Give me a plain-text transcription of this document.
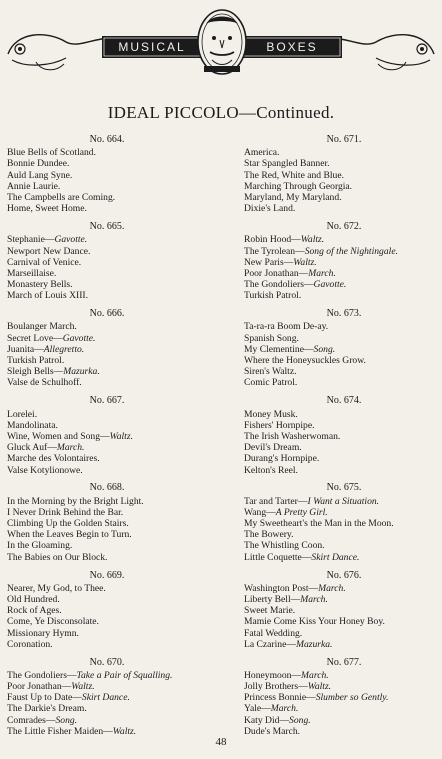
MUSICAL	BOXES
IDEAL PICCOLO—Continued.
No. 664.
Blue Bells of Scotland.
Bonnie Dundee.
Auld Lang Syne.
Annie Laurie.
The Campbells are Coming.
Home, Sweet Home.
No. 665.
Stephanie—Gavotte.
Newport New Dance.
Carnival of Venice.
Marseillaise.
Monastery Bells.
March of Louis XIII.
No. 666.
Boulanger March.
Secret Love—Gavotte.
Juanita—Allegretto.
Turkish Patrol.
Sleigh Bells—Mazurka.
Valse de Schulhoff.
No. 667.
Lorelei.
Mandolinata.
Wine, Women and Song—Waltz.
Gluck Auf—March.
Marche des Volontaires.
Valse Kotylionowe.
No. 668.
In the Morning by the Bright Light.
I Never Drink Behind the Bar.
Climbing Up the Golden Stairs.
When the Leaves Begin to Turn.
In the Gloaming.
The Babies on Our Block.
No. 669.
Nearer, My God, to Thee.
Old Hundred.
Rock of Ages.
Come, Ye Disconsolate.
Missionary Hymn.
Coronation.
No. 670.
The Gondoliers—Take a Pair of Squalling.
Poor Jonathan—Waltz.
Faust Up to Date—Skirt Dance.
The Darkie's Dream.
Comrades—Song.
The Little Fisher Maiden—Waltz.
No. 671.
America.
Star Spangled Banner.
The Red, White and Blue.
Marching Through Georgia.
Maryland, My Maryland.
Dixie's Land.
No. 672.
Robin Hood—Waltz.
The Tyrolean—Song of the Nightingale.
New Paris—Waltz.
Poor Jonathan—March.
The Gondoliers—Gavotte.
Turkish Patrol.
No. 673.
Ta-ra-ra Boom De-ay.
Spanish Song.
My Clementine—Song.
Where the Honeysuckles Grow.
Siren's Waltz.
Comic Patrol.
No. 674.
Money Musk.
Fishers' Hornpipe.
The Irish Washerwoman.
Devil's Dream.
Durang's Hornpipe.
Kelton's Reel.
No. 675.
Tar and Tarter—I Want a Situation.
Wang—A Pretty Girl.
My Sweetheart's the Man in the Moon.
The Bowery.
The Whistling Coon.
Little Coquette—Skirt Dance.
No. 676.
Washington Post—March.
Liberty Bell—March.
Sweet Marie.
Mamie Come Kiss Your Honey Boy.
Fatal Wedding.
La Czarine—Mazurka.
No. 677.
Honeymoon—March.
Jolly Brothers—Waltz.
Princess Bonnie—Slumber so Gently.
Yale—March.
Katy Did—Song.
Dude's March.
48
